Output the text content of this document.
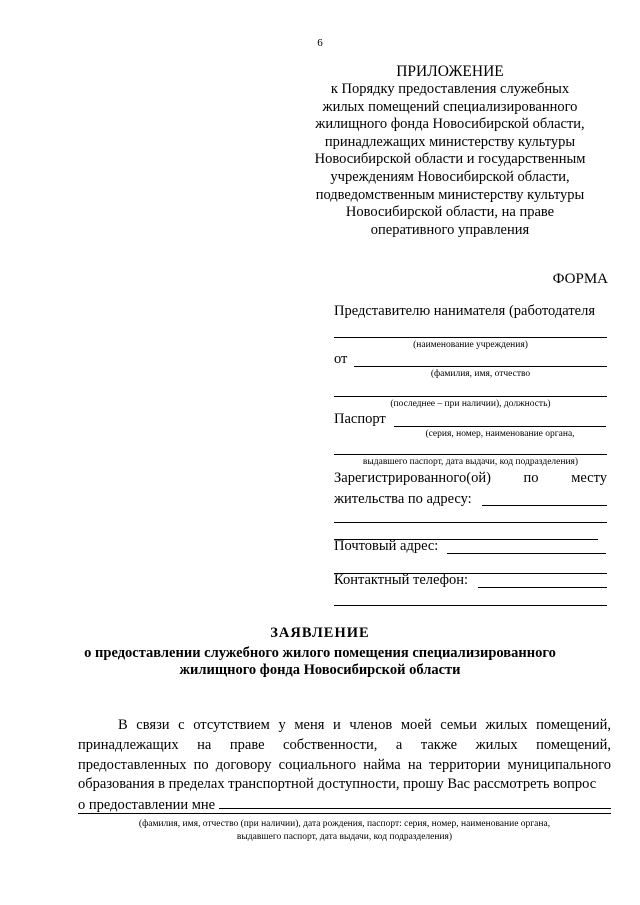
6
ПРИЛОЖЕНИЕ
к Порядку предоставления служебных
жилых помещений специализированного
жилищного фонда Новосибирской области,
принадлежащих министерству культуры
Новосибирской области и государственным
учреждениям Новосибирской области,
подведомственным министерству культуры
Новосибирской области, на праве
оперативного управления
ФОРМА
Представителю нанимателя (работодателя
(наименование учреждения)
от
(фамилия, имя, отчество
(последнее – при наличии), должность)
Паспорт
(серия, номер, наименование органа,
выдавшего паспорт, дата выдачи, код подразделения)
Зарегистрированного(ой) по месту
жительства по адресу:
Почтовый адрес:
Контактный телефон:
ЗАЯВЛЕНИЕ
о предоставлении служебного жилого помещения специализированного
жилищного фонда Новосибирской области

В связи с отсутствием у меня и членов моей семьи жилых помещений, принадлежащих на праве собственности, а также жилых помещений, предоставленных по договору социального найма на территории муниципального образования в пределах транспортной доступности, прошу Вас рассмотреть вопрос

о предоставлении мне
(фамилия, имя, отчество (при наличии), дата рождения, паспорт: серия, номер, наименование органа,
выдавшего паспорт, дата выдачи, код подразделения)
